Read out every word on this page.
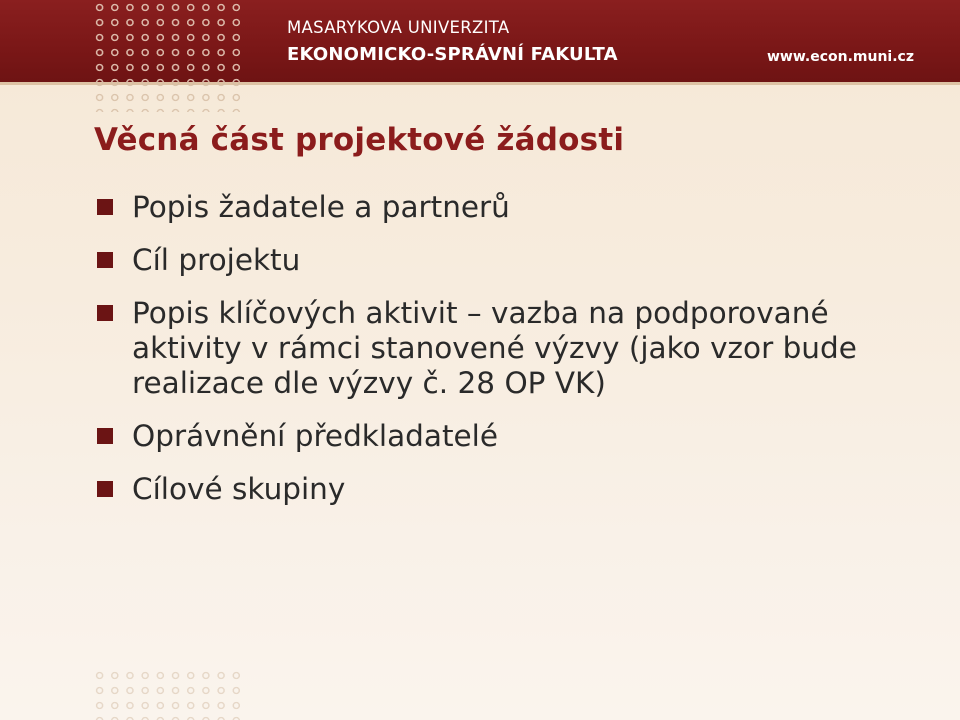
MASARYKOVA UNIVERZITA
EKONOMICKO-SPRÁVNÍ FAKULTA	www.econ.muni.cz
Věcná část projektové žádosti
Popis žadatele a partnerů
Cíl projektu
Popis klíčových aktivit – vazba na podporované aktivity v rámci stanovené výzvy (jako vzor bude realizace dle výzvy č. 28 OP VK)
Oprávnění předkladatelé
Cílové skupiny
